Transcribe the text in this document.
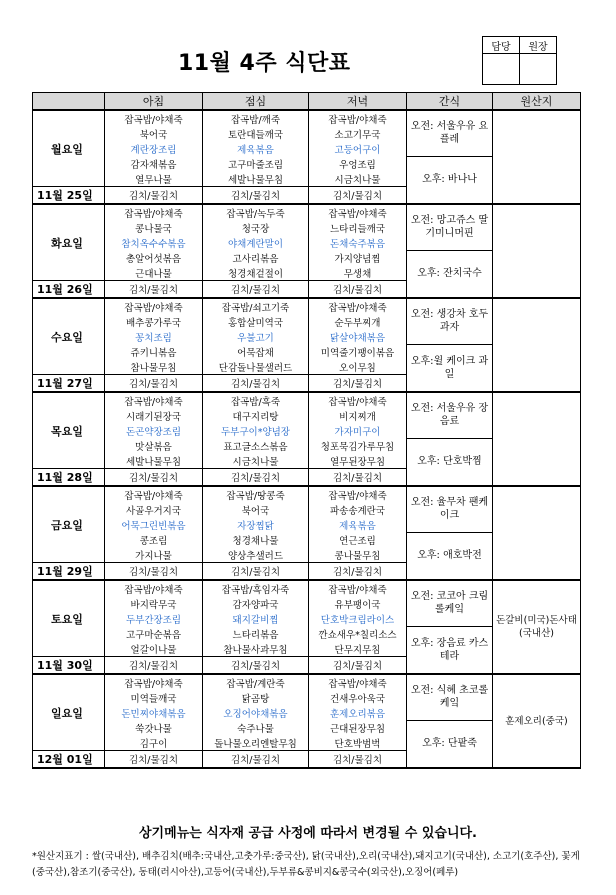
11월 4주 식단표
담당	원장

	아침	점심	저녁	간식	원산지
월요일	잡곡밥/야채죽	잡곡밥/깨죽	잡곡밥/야채죽	오전: 서울우유 요플레	
	북어국	토란대들깨국	소고기무국		
	계란장조림	제육볶음	고등어구이		
	감자채볶음	고구마줄조림	우엉조림	오후: 바나나	
	열무나물	세발나물무침	시금치나물		
11월 25일	김치/물김치	김치/물김치	김치/물김치		
화요일	잡곡밥/야채죽	잡곡밥/녹두죽	잡곡밥/야채죽	오전: 망고쥬스 딸기미니머핀	
	콩나물국	청국장	느타리들깨국		
	참치옥수수볶음	야채계란말이	돈채숙주볶음		
	총알어섯볶음	고사리볶음	가지양념찜	오후: 잔치국수	
	근대나물	청경채겉절이	무생채		
11월 26일	김치/물김치	김치/물김치	김치/물김치		
수요일	잡곡밥/야채죽	잡곡밥/쇠고기죽	잡곡밥/야채죽	오전: 생강차 호두과자	
	배추콩가루국	홍합살미역국	순두부찌개		
	꽁치조림	우불고기	닭살야채볶음		
	쥬키니볶음	어묵잡채	미역줄기팽이볶음	오후:윌 케이크 과일	
	참나물무침	단감돌나물샐러드	오이무침		
11월 27일	김치/물김치	김치/물김치	김치/물김치		
목요일	잡곡밥/야채죽	잡곡밥/흑죽	잡곡밥/야채죽	오전: 서울우유 장음료	
	시래기된장국	대구지리탕	비지찌개		
	돈곤약장조림	두부구이*양념장	가자미구이		
	맛살볶음	표고글소스볶음	청포묵김가루무침	오후: 단호박찜	
	세발나물무침	시금치나물	열무된장무침		
11월 28일	김치/물김치	김치/물김치	김치/물김치		
금요일	잡곡밥/야채죽	잡곡밥/땅콩죽	잡곡밥/야채죽	오전: 율무차 팬케이크	
	사골우거지국	북어국	파송송계란국		
	어묵그린빈볶음	자장찜닭	제육볶음		
	콩조림	청경채나물	연근조림	오후: 애호박전	
	가지나물	양상추샐러드	콩나물무침		
11월 29일	김치/물김치	김치/물김치	김치/물김치		
토요일	잡곡밥/야채죽	잡곡밥/흑임자죽	잡곡밥/야채죽	오전: 코코아 크림롤케잌	돈갈비(미국)돈사태(국내산)
	바지락무국	감자양파국	유부팽이국		
	두부간장조림	돼지갈비찜	단호박크림라이스		
	고구마순볶음	느타리볶음	깐쇼새우*칠리소스	오후: 장음료 카스테라	
	얼갈이나물	참나물사과무침	단무지무침		
11월 30일	김치/물김치	김치/물김치	김치/물김치		
일요일	잡곡밥/야채죽	잡곡밥/계란죽	잡곡밥/야채죽	오전: 식혜 초코롤케잌	훈제오리(중국)
	미역들깨국	닭곰탕	건새우아욱국		
	돈민찌야채볶음	오징어야채볶음	훈제오리볶음		
	쑥갓나물	숙주나물	근대된장무침	오후: 단팥죽	
	김구이	돌나물오리엔탈무침	단호박범벅		
12월 01일	김치/물김치	김치/물김치	김치/물김치		
상기메뉴는 식자재 공급 사정에 따라서 변경될 수 있습니다.
*원산지표기 : 쌀(국내산), 배추김치(배추:국내산,고춧가루:중국산), 닭(국내산),오리(국내산),돼지고기(국내산), 소고기(호주산), 꽃게(중국산),참조기(중국산), 동태(러시아산),고등어(국내산),두부류&콩비지&콩국수(외국산),오징어(페루)
